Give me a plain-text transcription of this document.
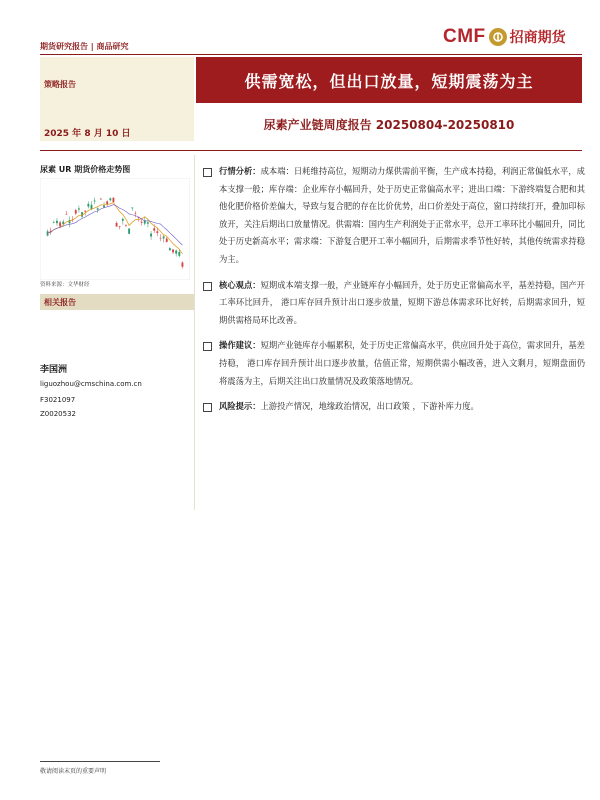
期货研究报告 | 商品研究	CMF 招商期货
策略报告
2025 年 8 月 10 日
供需宽松，但出口放量，短期震荡为主
尿素产业链周度报告 20250804-20250810
尿素 UR 期货价格走势图
资料来源：文华财经
相关报告
李国洲
liguozhou@cmschina.com.cn
F3021097
Z0020532
行情分析：成本端：日耗维持高位，短期动力煤供需前平衡，生产成本持稳，利润正常偏低水平，成本支撑一般；库存端：企业库存小幅回升，处于历史正常偏高水平；进出口端：下游终端复合肥和其他化肥价格价差偏大，导致与复合肥的存在比价优势，出口价差处于高位，窗口持续打开，叠加印标放开，关注后期出口放量情况。供需端：国内生产利润处于正常水平，总开工率环比小幅回升，同比处于历史新高水平；需求端：下游复合肥开工率小幅回升，后期需求季节性好转，其他传统需求持稳为主。
核心观点：短期成本端支撑一般，产业链库存小幅回升，处于历史正常偏高水平，基差持稳，国产开工率环比回升， 港口库存回升预计出口逐步放量，短期下游总体需求环比好转，后期需求回升，短期供需格局环比改善。
操作建议：短期产业链库存小幅累积，处于历史正常偏高水平，供应回升处于高位，需求回升，基差持稳， 港口库存回升预计出口逐步放量，估值正常，短期供需小幅改善，进入文剩月，短期盘面仍将震荡为主，后期关注出口放量情况及政策落地情况。
风险提示：上游投产情况，地缘政治情况，出口政策 ，下游补库力度。
敬请阅读末页的重要声明
